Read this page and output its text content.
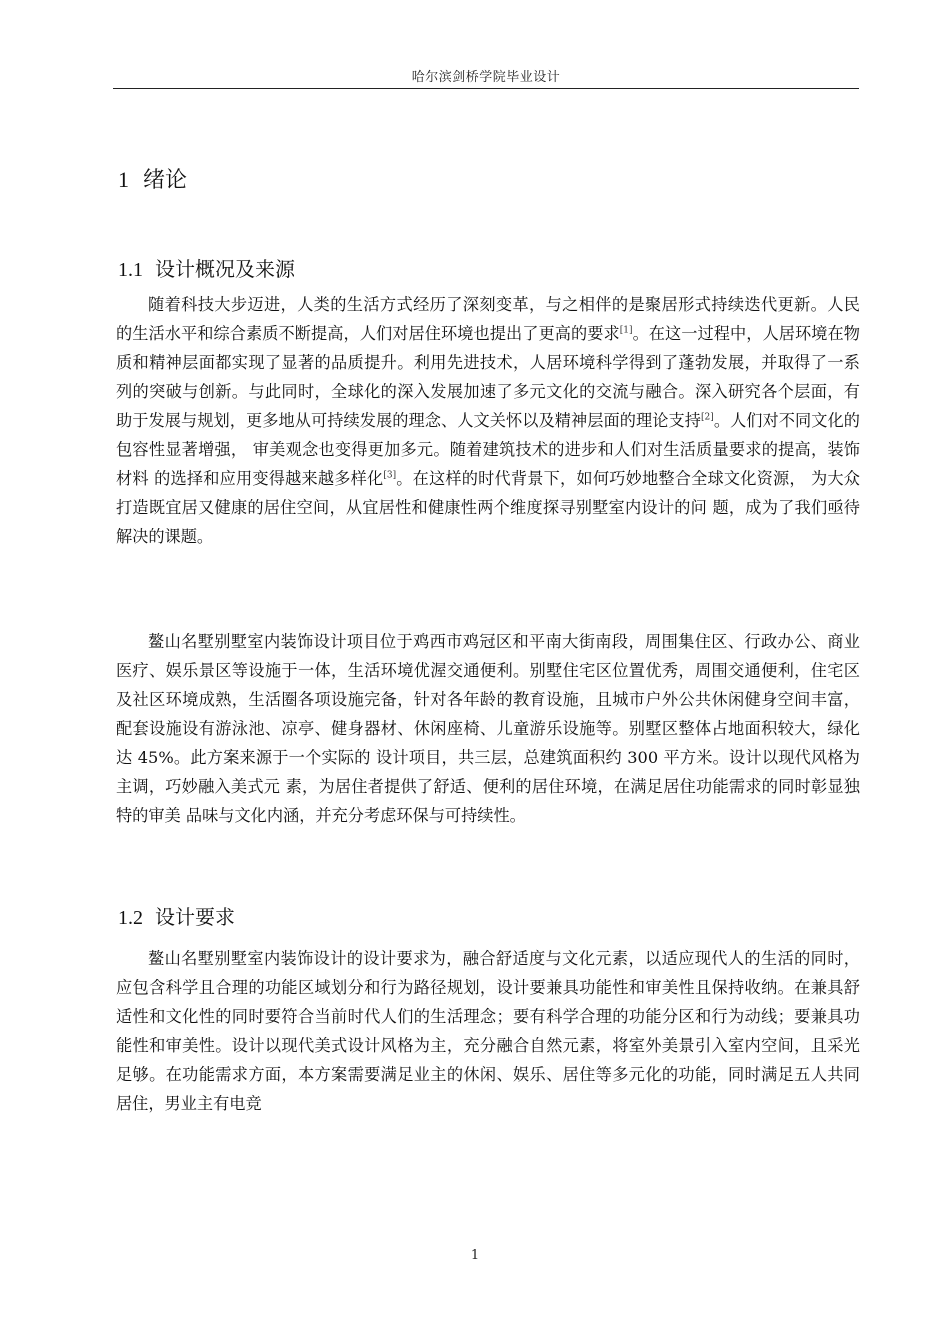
哈尔滨剑桥学院毕业设计
1 绪论
1.1 设计概况及来源
随着科技大步迈进，人类的生活方式经历了深刻变革，与之相伴的是聚居形式持续迭代更新。人民的生活水平和综合素质不断提高，人们对居住环境也提出了更高的要求[1]。在这一过程中，人居环境在物质和精神层面都实现了显著的品质提升。利用先进技术，人居环境科学得到了蓬勃发展，并取得了一系列的突破与创新。与此同时，全球化的深入发展加速了多元文化的交流与融合。深入研究各个层面，有助于发展与规划，更多地从可持续发展的理念、人文关怀以及精神层面的理论支持[2]。人们对不同文化的包容性显著增强， 审美观念也变得更加多元。随着建筑技术的进步和人们对生活质量要求的提高，装饰材料 的选择和应用变得越来越多样化[3]。在这样的时代背景下，如何巧妙地整合全球文化资源， 为大众打造既宜居又健康的居住空间，从宜居性和健康性两个维度探寻别墅室内设计的问 题，成为了我们亟待解决的课题。
鳌山名墅别墅室内装饰设计项目位于鸡西市鸡冠区和平南大街南段，周围集住区、行政办公、商业医疗、娱乐景区等设施于一体，生活环境优渥交通便利。别墅住宅区位置优秀，周围交通便利，住宅区及社区环境成熟，生活圈各项设施完备，针对各年龄的教育设施，且城市户外公共休闲健身空间丰富，配套设施设有游泳池、凉亭、健身器材、休闲座椅、儿童游乐设施等。别墅区整体占地面积较大，绿化达 45%。此方案来源于一个实际的 设计项目，共三层，总建筑面积约 300 平方米。设计以现代风格为主调，巧妙融入美式元 素，为居住者提供了舒适、便利的居住环境，在满足居住功能需求的同时彰显独特的审美 品味与文化内涵，并充分考虑环保与可持续性。
1.2 设计要求
鳌山名墅别墅室内装饰设计的设计要求为，融合舒适度与文化元素，以适应现代人的生活的同时，应包含科学且合理的功能区域划分和行为路径规划，设计要兼具功能性和审美性且保持收纳。在兼具舒适性和文化性的同时要符合当前时代人们的生活理念；要有科学合理的功能分区和行为动线；要兼具功能性和审美性。设计以现代美式设计风格为主，充分融合自然元素，将室外美景引入室内空间，且采光足够。在功能需求方面，本方案需要满足业主的休闲、娱乐、居住等多元化的功能，同时满足五人共同居住，男业主有电竞
1
